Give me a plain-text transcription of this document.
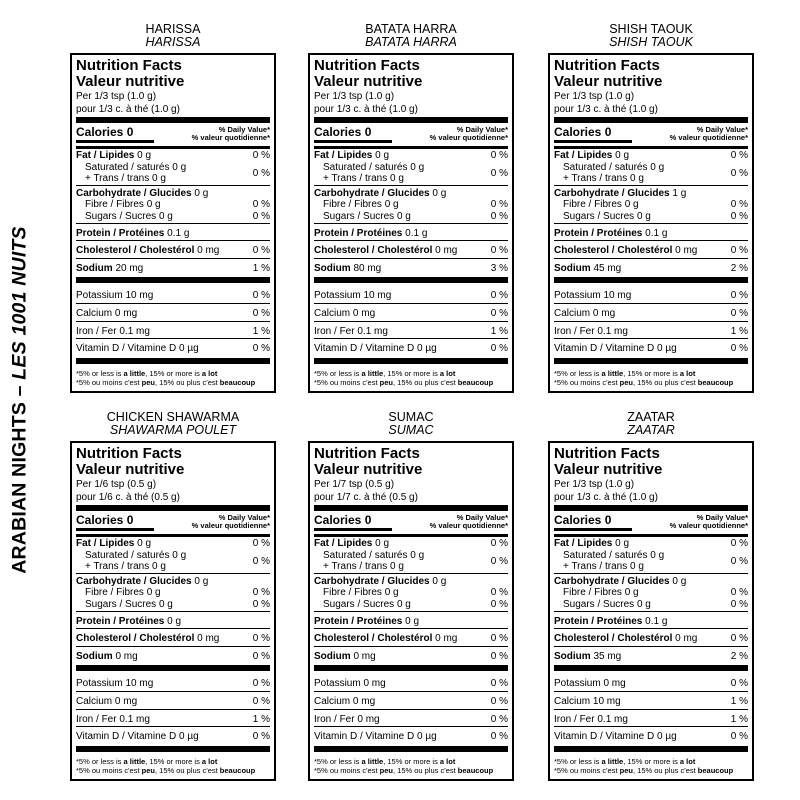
ARABIAN NIGHTS – LES 1001 NUITS
HARISSA
HARISSA
Nutrition Facts
Valeur nutritive
Per 1/3 tsp (1.0 g)
pour 1/3 c. à thé (1.0 g)
Calories 0	% Daily Value*
% valeur quotidienne*
Fat / Lipides 0 g	0 %
Saturated / saturés 0 g
+ Trans / trans 0 g	0 %
Carbohydrate / Glucides 0 g
Fibre / Fibres 0 g	0 %
Sugars / Sucres 0 g	0 %
Protein / Protéines 0.1 g
Cholesterol / Cholestérol 0 mg	0 %
Sodium 20 mg	1 %
Potassium 10 mg	0 %
Calcium 0 mg	0 %
Iron / Fer 0.1 mg	1 %
Vitamin D / Vitamine D 0 µg	0 %
*5% or less is a little, 15% or more is a lot
*5% ou moins c'est peu, 15% ou plus c'est beaucoup
BATATA HARRA
BATATA HARRA
Nutrition Facts
Valeur nutritive
Per 1/3 tsp (1.0 g)
pour 1/3 c. à thé (1.0 g)
Calories 0	% Daily Value*
% valeur quotidienne*
Fat / Lipides 0 g	0 %
Saturated / saturés 0 g
+ Trans / trans 0 g	0 %
Carbohydrate / Glucides 0 g
Fibre / Fibres 0 g	0 %
Sugars / Sucres 0 g	0 %
Protein / Protéines 0.1 g
Cholesterol / Cholestérol 0 mg	0 %
Sodium 80 mg	3 %
Potassium 10 mg	0 %
Calcium 0 mg	0 %
Iron / Fer 0.1 mg	1 %
Vitamin D / Vitamine D 0 µg	0 %
*5% or less is a little, 15% or more is a lot
*5% ou moins c'est peu, 15% ou plus c'est beaucoup
SHISH TAOUK
SHISH TAOUK
Nutrition Facts
Valeur nutritive
Per 1/3 tsp (1.0 g)
pour 1/3 c. à thé (1.0 g)
Calories 0	% Daily Value*
% valeur quotidienne*
Fat / Lipides 0 g	0 %
Saturated / saturés 0 g
+ Trans / trans 0 g	0 %
Carbohydrate / Glucides 1 g
Fibre / Fibres 0 g	0 %
Sugars / Sucres 0 g	0 %
Protein / Protéines 0.1 g
Cholesterol / Cholestérol 0 mg	0 %
Sodium 45 mg	2 %
Potassium 10 mg	0 %
Calcium 0 mg	0 %
Iron / Fer 0.1 mg	1 %
Vitamin D / Vitamine D 0 µg	0 %
*5% or less is a little, 15% or more is a lot
*5% ou moins c'est peu, 15% ou plus c'est beaucoup
CHICKEN SHAWARMA
SHAWARMA POULET
Nutrition Facts
Valeur nutritive
Per 1/6 tsp (0.5 g)
pour 1/6 c. à thé (0.5 g)
Calories 0	% Daily Value*
% valeur quotidienne*
Fat / Lipides 0 g	0 %
Saturated / saturés 0 g
+ Trans / trans 0 g	0 %
Carbohydrate / Glucides 0 g
Fibre / Fibres 0 g	0 %
Sugars / Sucres 0 g	0 %
Protein / Protéines 0 g
Cholesterol / Cholestérol 0 mg	0 %
Sodium 0 mg	0 %
Potassium 10 mg	0 %
Calcium 0 mg	0 %
Iron / Fer 0.1 mg	1 %
Vitamin D / Vitamine D 0 µg	0 %
*5% or less is a little, 15% or more is a lot
*5% ou moins c'est peu, 15% ou plus c'est beaucoup
SUMAC
SUMAC
Nutrition Facts
Valeur nutritive
Per 1/7 tsp (0.5 g)
pour 1/7 c. à thé (0.5 g)
Calories 0	% Daily Value*
% valeur quotidienne*
Fat / Lipides 0 g	0 %
Saturated / saturés 0 g
+ Trans / trans 0 g	0 %
Carbohydrate / Glucides 0 g
Fibre / Fibres 0 g	0 %
Sugars / Sucres 0 g	0 %
Protein / Protéines 0 g
Cholesterol / Cholestérol 0 mg	0 %
Sodium 0 mg	0 %
Potassium 0 mg	0 %
Calcium 0 mg	0 %
Iron / Fer 0 mg	0 %
Vitamin D / Vitamine D 0 µg	0 %
*5% or less is a little, 15% or more is a lot
*5% ou moins c'est peu, 15% ou plus c'est beaucoup
ZAATAR
ZAATAR
Nutrition Facts
Valeur nutritive
Per 1/3 tsp (1.0 g)
pour 1/3 c. à thé (1.0 g)
Calories 0	% Daily Value*
% valeur quotidienne*
Fat / Lipides 0 g	0 %
Saturated / saturés 0 g
+ Trans / trans 0 g	0 %
Carbohydrate / Glucides 0 g
Fibre / Fibres 0 g	0 %
Sugars / Sucres 0 g	0 %
Protein / Protéines 0.1 g
Cholesterol / Cholestérol 0 mg	0 %
Sodium 35 mg	2 %
Potassium 0 mg	0 %
Calcium 10 mg	1 %
Iron / Fer 0.1 mg	1 %
Vitamin D / Vitamine D 0 µg	0 %
*5% or less is a little, 15% or more is a lot
*5% ou moins c'est peu, 15% ou plus c'est beaucoup
